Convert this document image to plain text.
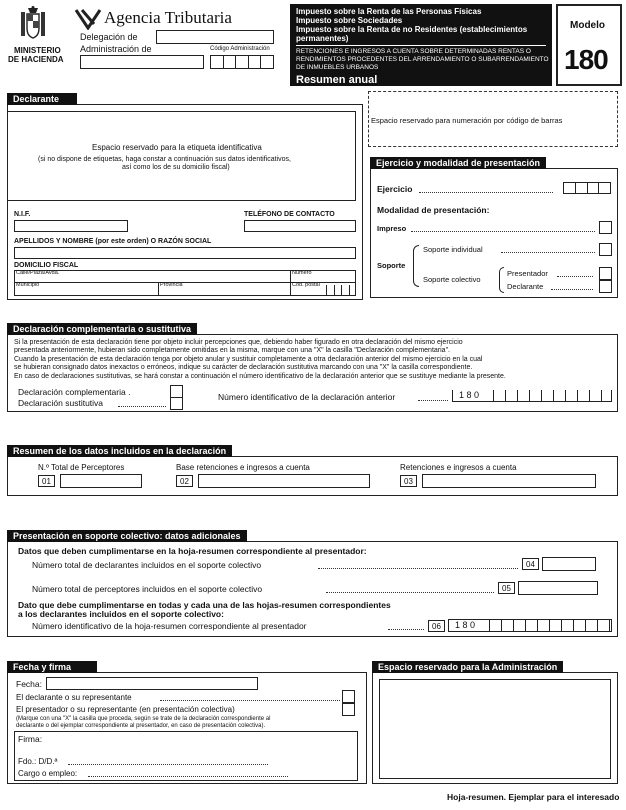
MINISTERIO
DE HACIENDA
Agencia Tributaria
Delegación de
Administración de	Código Administración
Impuesto sobre la Renta de las Personas Físicas
Impuesto sobre Sociedades
Impuesto sobre la Renta de no Residentes (establecimientos
permanentes)
RETENCIONES E INGRESOS A CUENTA SOBRE DETERMINADAS RENTAS O
RENDIMIENTOS PROCEDENTES DEL ARRENDAMIENTO O SUBARRENDAMIENTO
DE INMUEBLES URBANOS
Resumen anual
Modelo
180
Declarante
Espacio reservado para la etiqueta identificativa
(si no dispone de etiquetas, haga constar a continuación sus datos identificativos,
así como los de su domicilio fiscal)
N.I.F.	TELÉFONO DE CONTACTO
APELLIDOS Y NOMBRE (por este orden) O RAZÓN SOCIAL
DOMICILIO FISCAL
Calle/Plaza/Avda.	Número
Municipio	Provincia	Cód. postal
Espacio reservado para numeración por código de barras
Ejercicio y modalidad de presentación
Ejercicio
Modalidad de presentación:
Impreso
Soporte
Soporte individual
Soporte colectivo
Presentador
Declarante
Declaración complementaria o sustitutiva
Si la presentación de esta declaración tiene por objeto incluir percepciones que, debiendo haber figurado en otra declaración del mismo ejercicio
presentada anteriormente, hubieran sido completamente omitidas en la misma, marque con una "X" la casilla "Declaración complementaria".
Cuando la presentación de esta declaración tenga por objeto anular y sustituir completamente a otra declaración anterior del mismo ejercicio en la cual
se hubieran consignado datos inexactos o erróneos, indique su carácter de declaración sustitutiva marcando con una "X" la casilla correspondiente.
En caso de declaraciones sustitutivas, se hará constar a continuación el número identificativo de la declaración anterior que se sustituye mediante la presente.
Declaración complementaria .
Declaración sustitutiva
Número identificativo de la declaración anterior	1 8 0
Resumen de los datos incluidos en la declaración
N.º Total de Perceptores	Base retenciones e ingresos a cuenta	Retenciones e ingresos a cuenta
01	02	03
Presentación en soporte colectivo: datos adicionales
Datos que deben cumplimentarse en la hoja-resumen correspondiente al presentador:
Número total de declarantes incluidos en el soporte colectivo	04
Número total de perceptores incluidos en el soporte colectivo	05
Dato que debe cumplimentarse en todas y cada una de las hojas-resumen correspondientes
a los declarantes incluidos en el soporte colectivo:
Número identificativo de la hoja-resumen correspondiente al presentador	06	1 8 0
Fecha y firma
Fecha:
El declarante o su representante
El presentador o su representante (en presentación colectiva)
(Marque con una "X" la casilla que proceda, según se trate de la declaración correspondiente al
declarante o del ejemplar correspondiente al presentador, en caso de presentación colectiva).
Firma:
Fdo.: D/D.ª
Cargo o empleo:
Espacio reservado para la Administración
Hoja-resumen. Ejemplar para el interesado
